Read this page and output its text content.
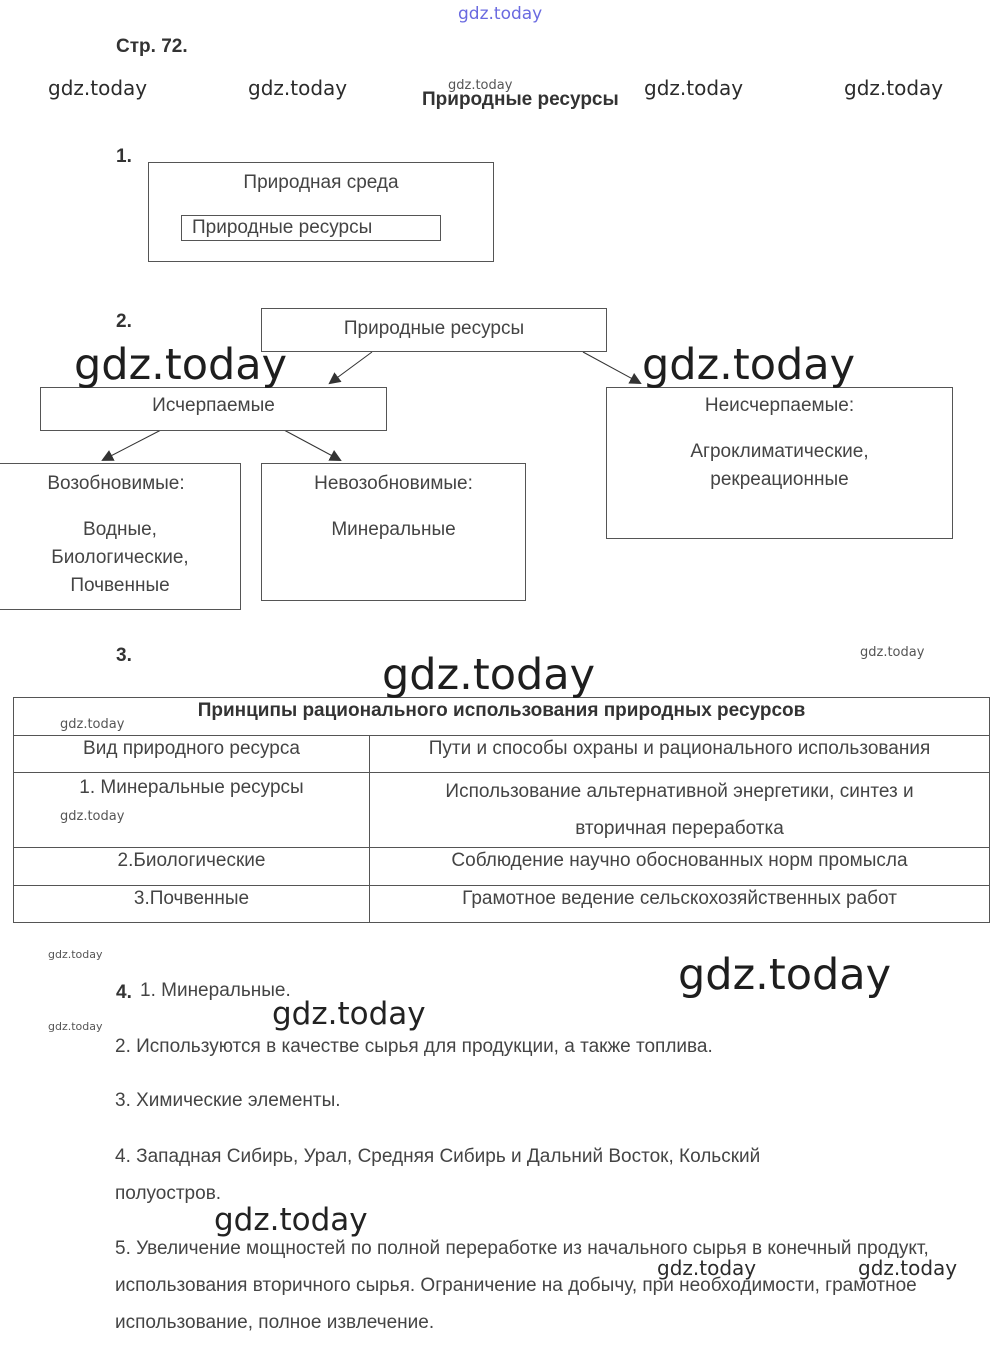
gdz.today
Стр. 72.
gdz.today	gdz.today	gdz.today	gdz.today	gdz.today
Природные ресурсы
1.
Природная среда
Природные ресурсы
2.	Природные ресурсы
Исчерпаемые	Неисчерпаемые:
Агроклиматические,
рекреационные
Возобновимые:
Водные,
Биологические,
Почвенные
Невозобновимые:
Минеральные
gdz.today	gdz.today
3.	gdz.today
Принципы рационального использования природных ресурсов	
Вид природного ресурса	Пути и способы охраны и рационального использования
1. Минеральные ресурсы	Использование альтернативной энергетики, синтез и
вторичная переработка

2.Биологические	Соблюдение научно обоснованных норм промысла
3.Почвенные	Грамотное ведение сельскохозяйственных работ
gdz.today
gdz.today
gdz.today
gdz.today
gdz.today
gdz.today
4. 1. Минеральные.
gdz.today
2. Используются в качестве сырья для продукции, а также топлива.
3. Химические элементы.
4. Западная Сибирь, Урал, Средняя Сибирь и Дальний Восток, Кольский полуостров.
gdz.today
5. Увеличение мощностей по полной переработке из начального сырья в конечный продукт, использования вторичного сырья. Ограничение на добычу, при необходимости, грамотное использование, полное извлечение.
gdz.today	gdz.today
